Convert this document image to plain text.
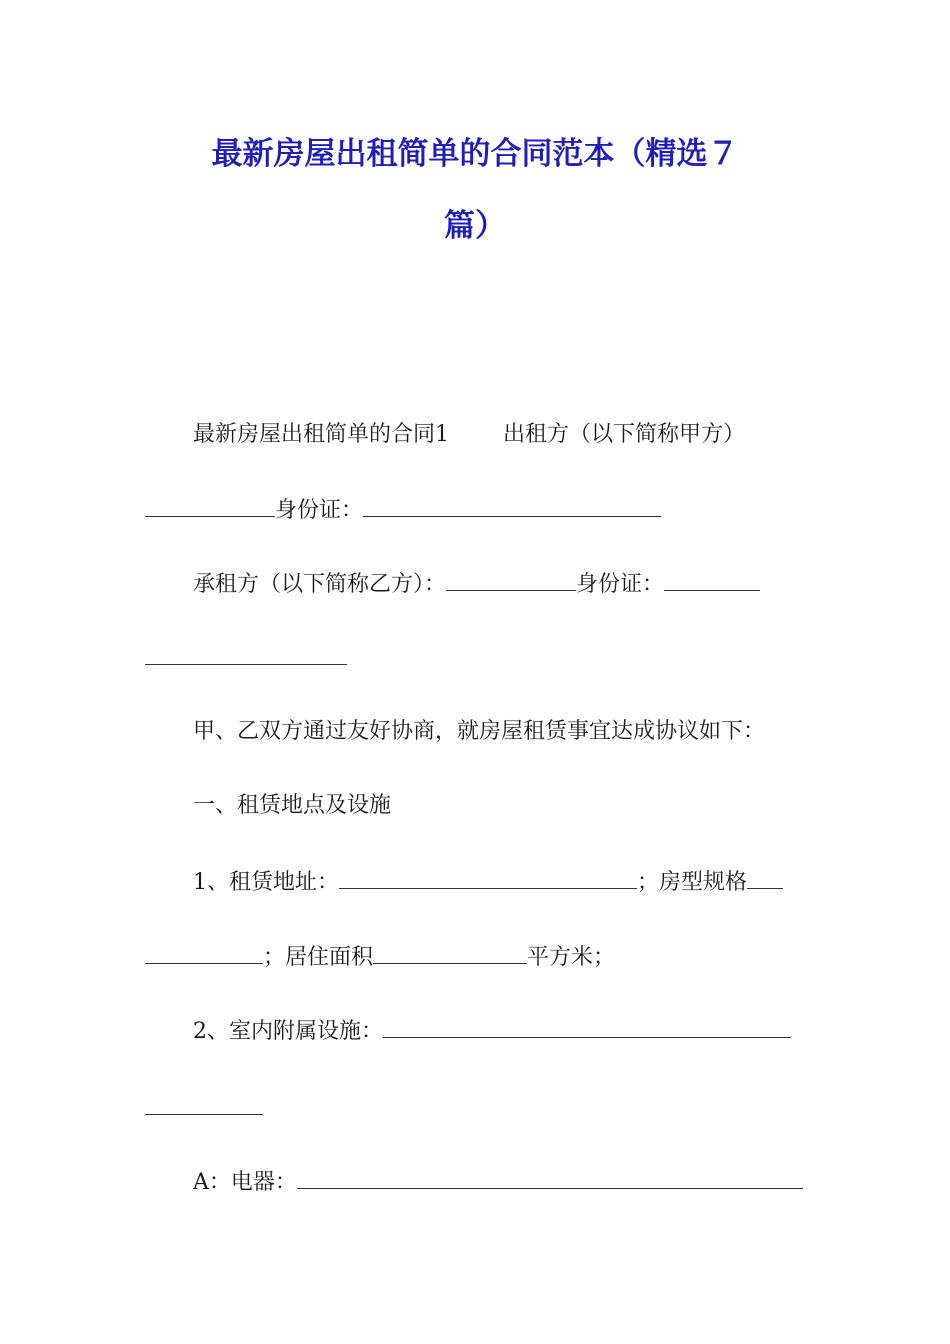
最新房屋出租简单的合同范本（精选７
篇）
最新房屋出租简单的合同1 出租方（以下简称甲方）
身份证：
承租方（以下简称乙方）：	身份证：
甲、乙双方通过友好协商，就房屋租赁事宜达成协议如下：
一、租赁地点及设施
1、租赁地址：	；房型规格
；居住面积	平方米；
2、室内附属设施：
A：电器：
